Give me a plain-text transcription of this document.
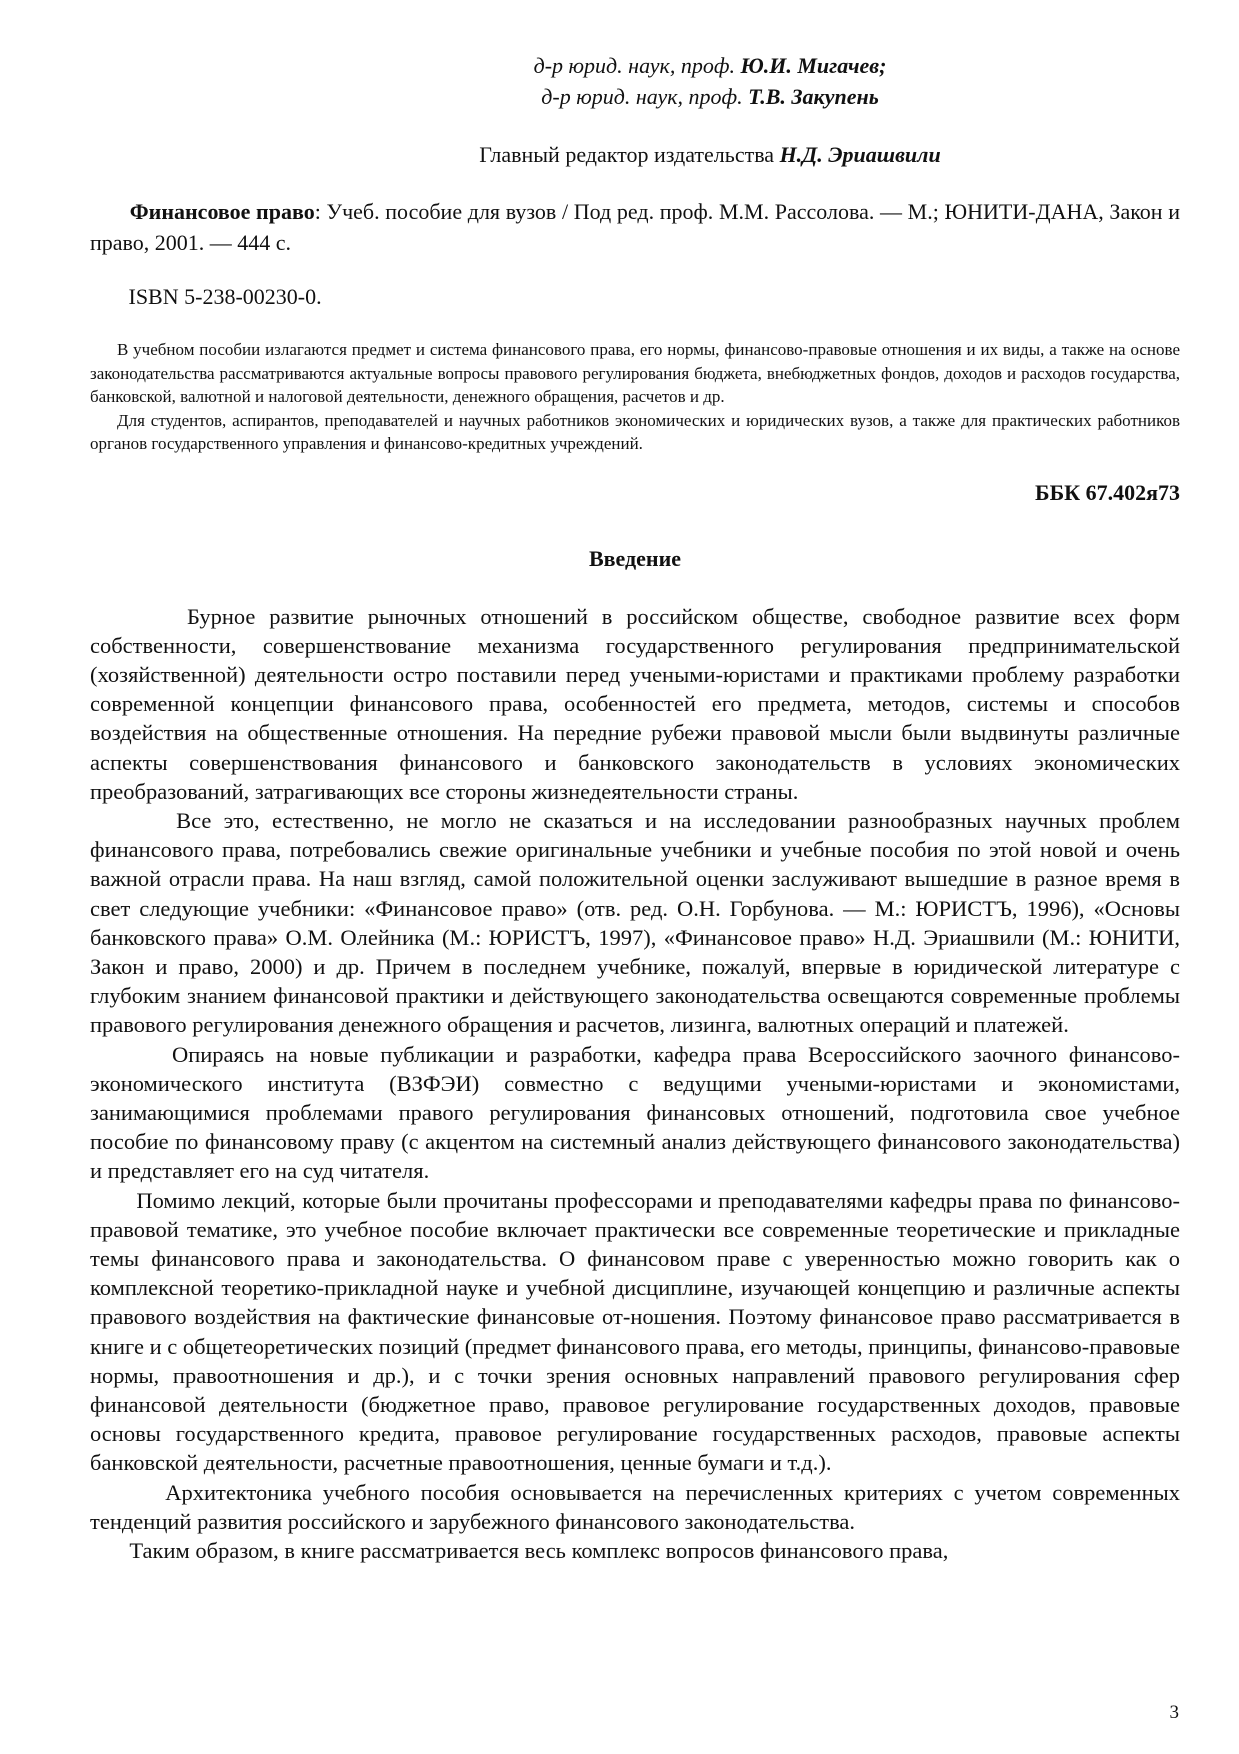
д-р юрид. наук, проф. Ю.И. Мигачев;
д-р юрид. наук, проф. Т.В. Закупень
Главный редактор издательства Н.Д. Эриашвили
Финансовое право: Учеб. пособие для вузов / Под ред. проф. М.М. Рассолова. — М.; ЮНИТИ-ДАНА, Закон и право, 2001. — 444 с.
ISBN 5-238-00230-0.

В учебном пособии излагаются предмет и система финансового права, его нормы, финансово-правовые отношения и их виды, а также на основе законодательства рассматриваются актуальные вопросы правового регулирования бюджета, внебюджетных фондов, доходов и расходов государства, банковской, валютной и налоговой деятельности, денежного обращения, расчетов и др.

Для студентов, аспирантов, преподавателей и научных работников экономических и юридических вузов, а также для практических работников органов государственного управления и финансово-кредитных учреждений.

ББК 67.402я73
Введение

Бурное развитие рыночных отношений в российском обществе, свободное развитие всех форм собственности, совершенствование механизма государственного регулирования предпринимательской (хозяйственной) деятельности остро поставили перед учеными-юристами и практиками проблему разработки современной концепции финансового права, особенностей его предмета, методов, системы и способов воздействия на общественные отношения. На передние рубежи правовой мысли были выдвинуты различные аспекты совершенствования финансового и банковского законодательств в условиях экономических преобразований, затрагивающих все стороны жизнедеятельности страны.

Все это, естественно, не могло не сказаться и на исследовании разнообразных научных проблем финансового права, потребовались свежие оригинальные учебники и учебные пособия по этой новой и очень важной отрасли права. На наш взгляд, самой положительной оценки заслуживают вышедшие в разное время в свет следующие учебники: «Финансовое право» (отв. ред. О.Н. Горбунова. — М.: ЮРИСТЪ, 1996), «Основы банковского права» О.М. Олейника (М.: ЮРИСТЪ, 1997), «Финансовое право» Н.Д. Эриашвили (М.: ЮНИТИ, Закон и право, 2000) и др. Причем в последнем учебнике, пожалуй, впервые в юридической литературе с глубоким знанием финансовой практики и действующего законодательства освещаются современные проблемы правового регулирования денежного обращения и расчетов, лизинга, валютных операций и платежей.

Опираясь на новые публикации и разработки, кафедра права Всероссийского заочного финансово-экономического института (ВЗФЭИ) совместно с ведущими учеными-юристами и экономистами, занимающимися проблемами правого регулирования финансовых отношений, подготовила свое учебное пособие по финансовому праву (с акцентом на системный анализ действующего финансового законодательства) и представляет его на суд читателя.

Помимо лекций, которые были прочитаны профессорами и преподавателями кафедры права по финансово-правовой тематике, это учебное пособие включает практически все современные теоретические и прикладные темы финансового права и законодательства. О финансовом праве с уверенностью можно говорить как о комплексной теоретико-прикладной науке и учебной дисциплине, изучающей концепцию и различные аспекты правового воздействия на фактические финансовые от-ношения. Поэтому финансовое право рассматривается в книге и с общетеоретических позиций (предмет финансового права, его методы, принципы, финансово-правовые нормы, правоотношения и др.), и с точки зрения основных направлений правового регулирования сфер финансовой деятельности (бюджетное право, правовое регулирование государственных доходов, правовые основы государственного кредита, правовое регулирование государственных расходов, правовые аспекты банковской деятельности, расчетные правоотношения, ценные бумаги и т.д.).

Архитектоника учебного пособия основывается на перечисленных критериях с учетом современных тенденций развития российского и зарубежного финансового законодательства.

Таким образом, в книге рассматривается весь комплекс вопросов финансового права,

3
